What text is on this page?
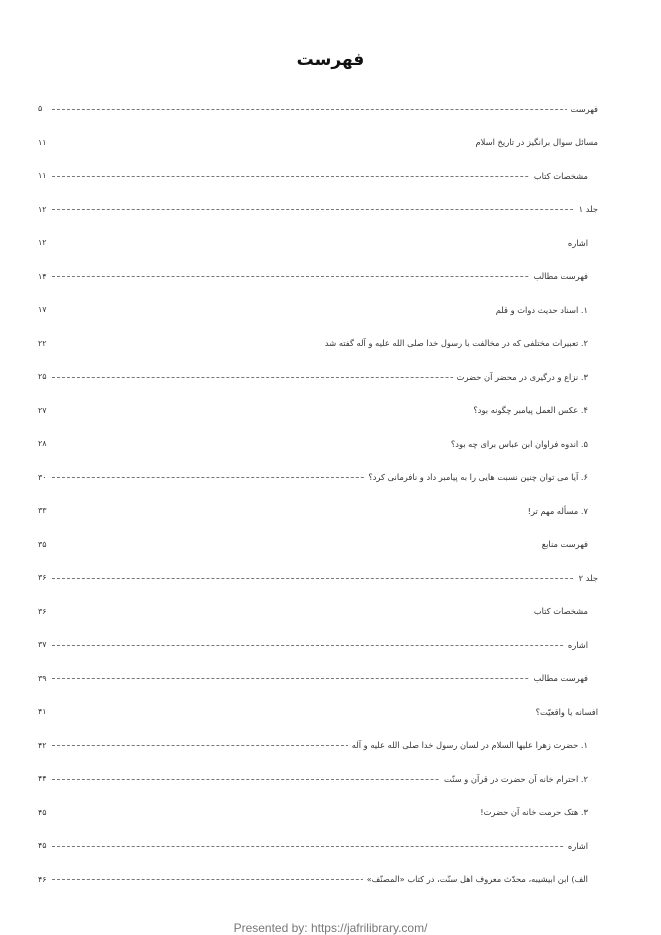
فهرست
۵	فهرست
۱۱	مسائل سوال برانگیز در تاریخ اسلام
۱۱	مشخصات کتاب
۱۲	جلد ۱
۱۲	اشاره
۱۴	فهرست مطالب
۱۷	۱. اسناد حدیث دوات و قلم
۲۲	۲. تعبیرات مختلفی که در مخالفت با رسول خدا صلی الله علیه و آله گفته شد
۲۵	۳. نزاع و درگیری در محضر آن حضرت
۲۷	۴. عکس العمل پیامبر چگونه بود؟
۲۸	۵. اندوه فراوان ابن عباس برای چه بود؟
۳۰	۶. آیا می توان چنین نسبت هایی را به پیامبر داد و نافرمانی کرد؟
۳۳	۷. مسأله مهم تر!
۳۵	فهرست منابع
۳۶	جلد ۲
۳۶	مشخصات کتاب
۳۷	اشاره
۳۹	فهرست مطالب
۴۱	افسانه یا واقعیّت؟
۴۲	۱. حضرت زهرا علیها السلام در لسان رسول خدا صلی الله علیه و آله
۴۴	۲. احترام خانه آن حضرت در قرآن و سنّت
۴۵	۳. هتک حرمت خانه آن حضرت!
۴۵	اشاره
۴۶	الف) ابن ابیشیبه، محدّث معروف اهل سنّت، در کتاب «المصنّف»
Presented by: https://jafrilibrary.com/
